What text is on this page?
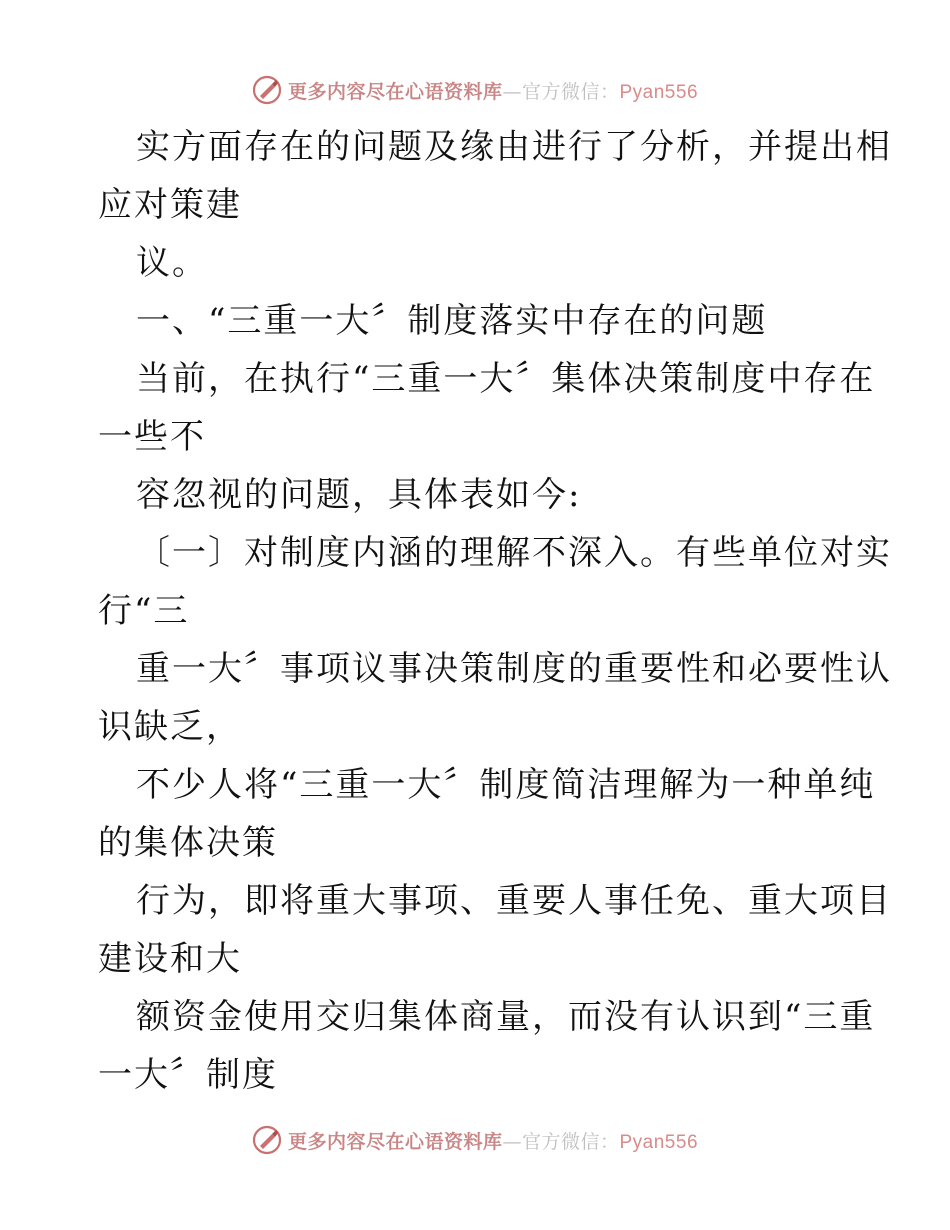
更多内容尽在心语资料库—官方微信：Pyan556
实方面存在的问题及缘由进行了分析，并提出相
应对策建
议。
一、“三重一大〞制度落实中存在的问题
当前，在执行“三重一大〞集体决策制度中存在
一些不
容忽视的问题，具体表如今:
〔一〕对制度内涵的理解不深入。有些单位对实
行“三
重一大〞事项议事决策制度的重要性和必要性认
识缺乏，
不少人将“三重一大〞制度简洁理解为一种单纯
的集体决策
行为，即将重大事项、重要人事任免、重大项目
建设和大
额资金使用交归集体商量，而没有认识到“三重
一大〞制度
更多内容尽在心语资料库—官方微信：Pyan556
